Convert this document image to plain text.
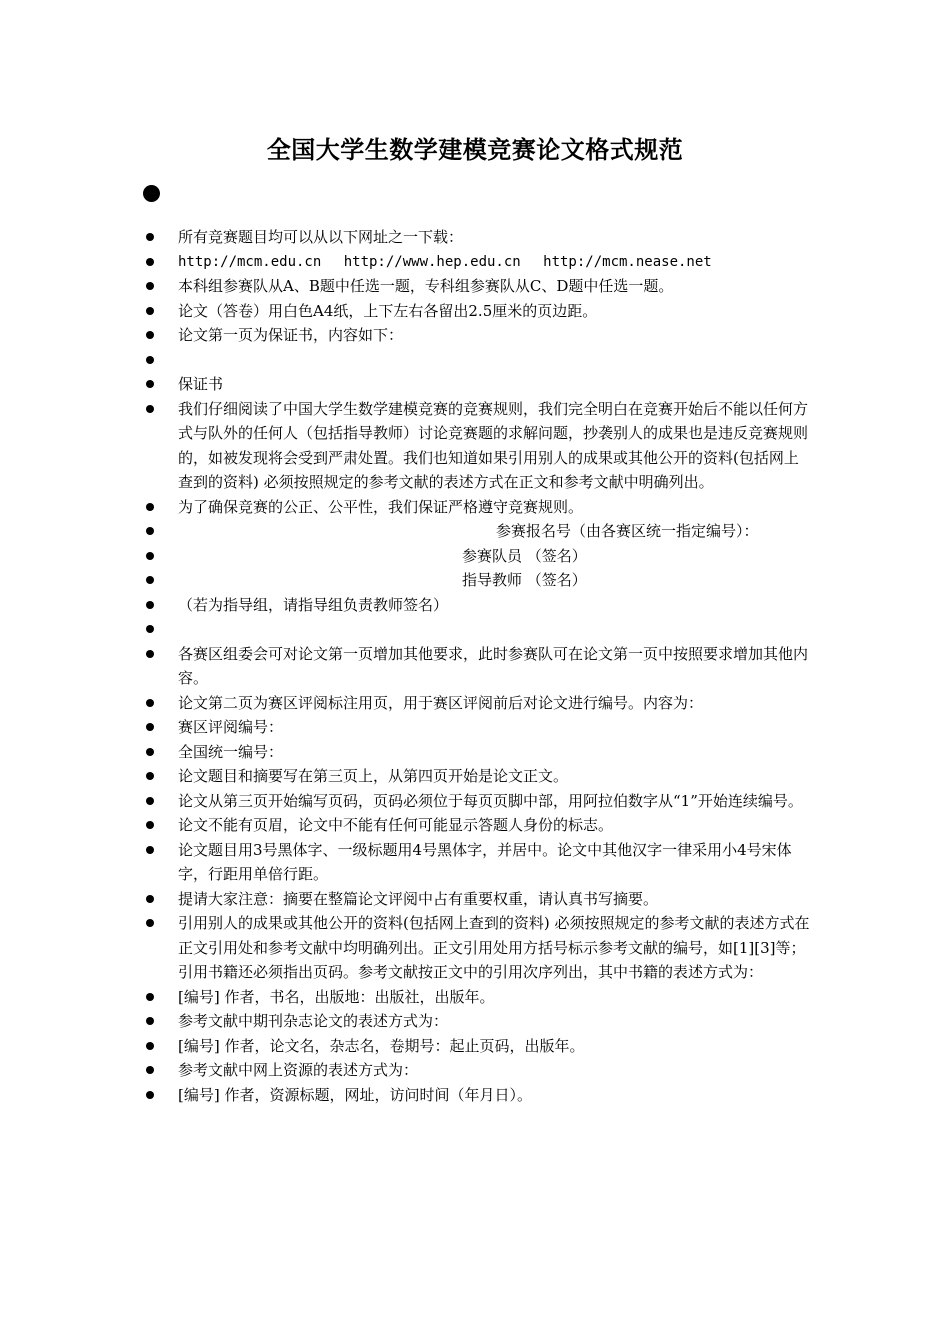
全国大学生数学建模竞赛论文格式规范
所有竞赛题目均可以从以下网址之一下载：
http://mcm.edu.cn http://www.hep.edu.cn http://mcm.nease.net
本科组参赛队从A、B题中任选一题，专科组参赛队从C、D题中任选一题。
论文（答卷）用白色A4纸，上下左右各留出2.5厘米的页边距。
论文第一页为保证书，内容如下：
保证书
我们仔细阅读了中国大学生数学建模竞赛的竞赛规则，我们完全明白在竞赛开始后不能以任何方式与队外的任何人（包括指导教师）讨论竞赛题的求解问题，抄袭别人的成果也是违反竞赛规则的，如被发现将会受到严肃处置。我们也知道如果引用别人的成果或其他公开的资料(包括网上查到的资料) 必须按照规定的参考文献的表述方式在正文和参考文献中明确列出。
为了确保竞赛的公正、公平性，我们保证严格遵守竞赛规则。
参赛报名号（由各赛区统一指定编号）：
参赛队员 （签名）
指导教师 （签名）
（若为指导组，请指导组负责教师签名）
各赛区组委会可对论文第一页增加其他要求，此时参赛队可在论文第一页中按照要求增加其他内容。
论文第二页为赛区评阅标注用页，用于赛区评阅前后对论文进行编号。内容为：
赛区评阅编号：
全国统一编号：
论文题目和摘要写在第三页上，从第四页开始是论文正文。
论文从第三页开始编写页码，页码必须位于每页页脚中部，用阿拉伯数字从“1”开始连续编号。
论文不能有页眉，论文中不能有任何可能显示答题人身份的标志。
论文题目用3号黑体字、一级标题用4号黑体字，并居中。论文中其他汉字一律采用小4号宋体字，行距用单倍行距。
提请大家注意：摘要在整篇论文评阅中占有重要权重，请认真书写摘要。
引用别人的成果或其他公开的资料(包括网上查到的资料) 必须按照规定的参考文献的表述方式在正文引用处和参考文献中均明确列出。正文引用处用方括号标示参考文献的编号，如[1][3]等；引用书籍还必须指出页码。参考文献按正文中的引用次序列出，其中书籍的表述方式为：
[编号] 作者，书名，出版地：出版社，出版年。
参考文献中期刊杂志论文的表述方式为：
[编号] 作者，论文名，杂志名，卷期号：起止页码，出版年。
参考文献中网上资源的表述方式为：
[编号] 作者，资源标题，网址，访问时间（年月日）。
